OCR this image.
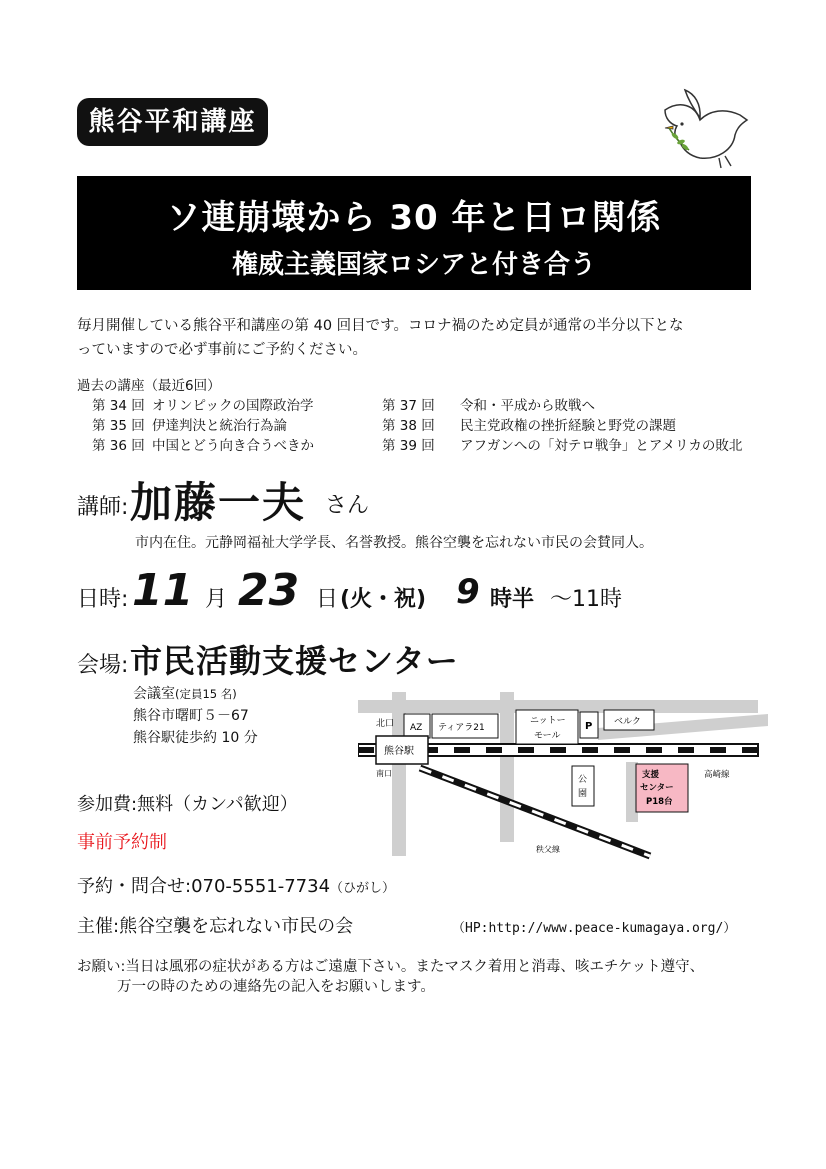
熊谷平和講座
ソ連崩壊から 30 年と日ロ関係
権威主義国家ロシアと付き合う
毎月開催している熊谷平和講座の第 40 回目です。コロナ禍のため定員が通常の半分以下とな
っていますので必ず事前にご予約ください。
過去の講座（最近6回）
第 34 回 オリンピックの国際政治学
第 35 回 伊達判決と統治行為論
第 36 回 中国とどう向き合うべきか
第 37 回 令和・平成から敗戦へ
第 38 回 民主党政権の挫折経験と野党の課題
第 39 回 アフガンへの「対テロ戦争」とアメリカの敗北
講師: 加藤一夫 さん
市内在住。元静岡福祉大学学長、名誉教授。熊谷空襲を忘れない市民の会賛同人。
日時: 11 月 23 日 (火・祝) 9 時半 ～11時
会場: 市民活動支援センター
会議室(定員15 名)
熊谷市曙町５－67
熊谷駅徒歩約 10 分
北口 AZ ティアラ21
ニットー
モール
P ベルク
熊谷駅
南口
公
園
支援
センター
P18台
高崎線
秩父線
参加費:無料（カンパ歓迎）
事前予約制
予約・問合せ:070-5551-7734（ひがし）
主催:熊谷空襲を忘れない市民の会	（HP:http://www.peace-kumagaya.org/）
お願い:当日は風邪の症状がある方はご遠慮下さい。またマスク着用と消毒、咳エチケット遵守、
万一の時のための連絡先の記入をお願いします。
